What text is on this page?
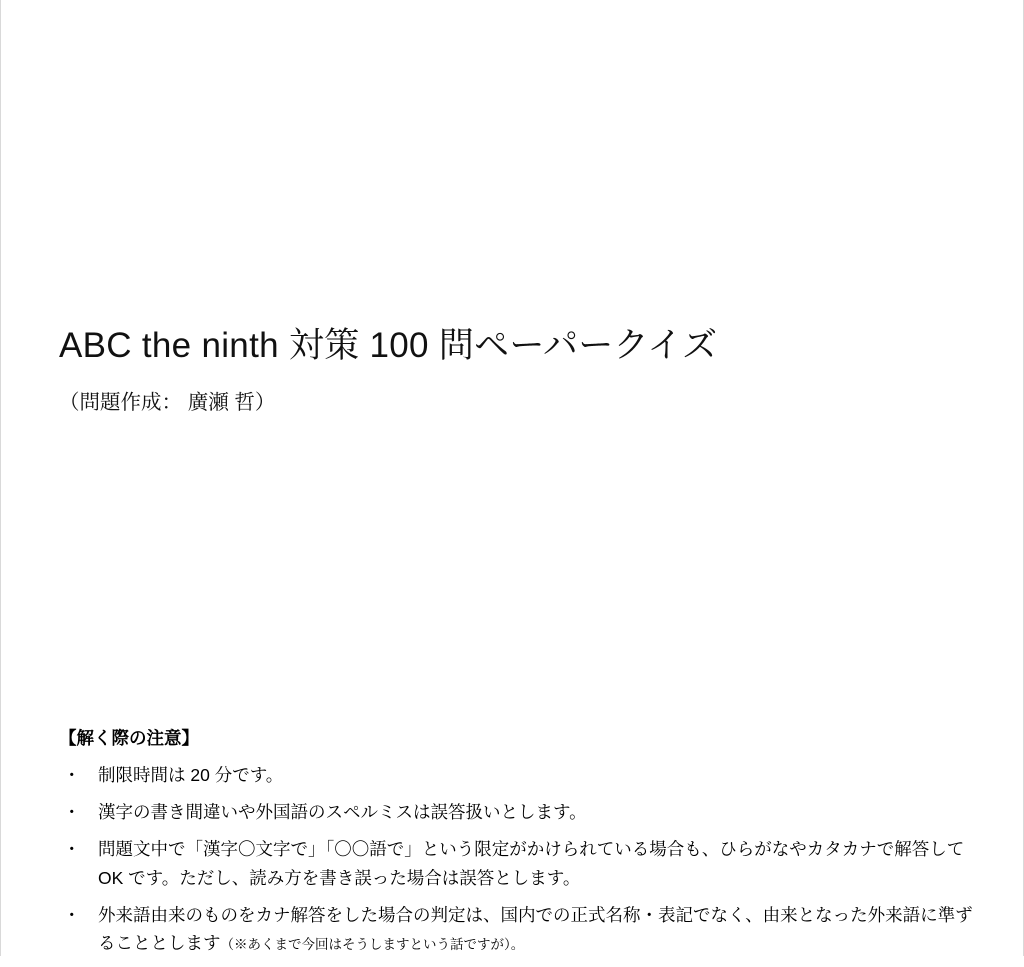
ABC the ninth 対策 100 問ペーパークイズ

（問題作成： 廣瀬 哲）

【解く際の注意】
・ 制限時間は 20 分です。
・ 漢字の書き間違いや外国語のスペルミスは誤答扱いとします。
・ 問題文中で「漢字〇文字で」「〇〇語で」という限定がかけられている場合も、ひらがなやカタカナで解答して OK です。ただし、読み方を書き誤った場合は誤答とします。
・ 外来語由来のものをカナ解答をした場合の判定は、国内での正式名称・表記でなく、由来となった外来語に準ずることとします（※あくまで今回はそうしますという話ですが）。
